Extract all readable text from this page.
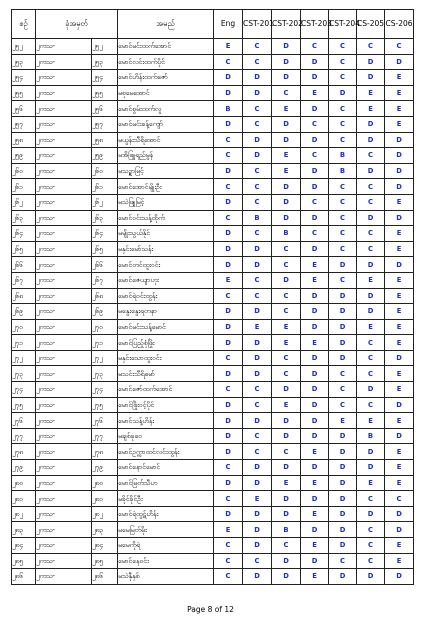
စဥ်	ခုံအမှတ်		အမည်	Eng	CST-201	CST-202	CST-203	CST-204	CS-205	CS-206
၂၅၂	၂ကသ-	၂၅၂	မောင်မင်းထက်အောင်	E	C	D	C	C	C	C
၂၅၃	၂ကသ-	၂၅၃	မောင်လင်းထက်ပိုင်	C	C	D	D	C	D	D
၂၅၄	၂ကသ-	၂၅၄	မောင်ဟိန်းထက်ဇော်	D	D	D	D	C	D	E
၂၅၅	၂ကသ-	၂၅၅	မစုမေအောင်	D	D	C	E	D	E	E
၂၅၆	၂ကသ-	၂၅၆	မောင်စွမ်းထက်လူ	B	C	E	D	C	E	E
၂၅၇	၂ကသ-	၂၅၇	မောင်မင်းခန့်ကျော်	D	C	D	C	C	D	E
၂၅၈	၂ကသ-	၂၅၈	မယွန်းသီရိအောင်	C	D	D	D	C	D	D
၂၅၉	၂ကသ-	၂၅၉	မအိဖြူရည်မွန်	C	D	E	C	B	C	D
၂၆၀	၂ကသ-	၂၆၀	မသဉ္စာမြင့်	D	C	E	D	B	D	D
၂၆၁	၂ကသ-	၂၆၁	မောင်အောင်မျိုးဦး	C	C	D	D	C	C	D
၂၆၂	၂ကသ-	၂၆၂	မသဲဖြူမြင့်	D	C	D	C	C	C	E
၂၆၃	၂ကသ-	၂၆၃	မောင်ဝင်းသန့်ထိုက်	C	B	D	D	C	D	D
၂၆၄	၂ကသ-	၂၆၄	မမျိုးသွယ်နိုင်	D	C	B	C	C	C	E
၂၆၅	၂ကသ-	၂၆၅	မနှင်းမော်သန်း	D	D	C	D	C	C	E
၂၆၆	၂ကသ-	၂၆၆	မောင်တင်ထူးဝင်း	D	D	C	E	D	D	D
၂၆၇	၂ကသ-	၂၆၇	မောင်ဇေယျာဟုး	E	C	D	E	C	E	E
၂၆၈	၂ကသ-	၂၆၈	မောင်ရဲဝင်းထွန်း	C	C	C	D	D	D	E
၂၆၉	၂ကသ-	၂၆၉	မနွေးနွေးရတနာ	D	D	C	D	D	D	E
၂၇၀	၂ကသ-	၂၇၀	မောင်မင်းသန့်မောင်	D	E	E	D	D	E	E
၂၇၁	၂ကသ-	၂၇၁	မောင်ပြည့်စုံဖြိုး	D	D	E	E	D	C	E
၂၇၂	၂ကသ-	၂၇၂	မနှင်းသောထူးဝင်း	C	D	C	D	D	C	D
၂၇၃	၂ကသ-	၂၇၃	မသင်းသီရိမော်	D	D	C	D	C	C	E
၂၇၄	၂ကသ-	၂၇၄	မောင်ဇော်ထက်အောင်	C	C	D	D	C	D	E
၂၇၅	၂ကသ-	၂၇၅	မောင်ဖြိုးဝင့်ပိုင်	D	C	E	D	C	C	D
၂၇၆	၂ကသ-	၂၇၆	မောင်သန့်ဟိန်း	D	D	D	D	E	E	E
၂၇၇	၂ကသ-	၂၇၇	မချစ်ခုဝေ	D	C	D	D	D	B	D
၂၇၈	၂ကသ-	၂၇၈	မောင်ဥက္ကာထင်လင်းထွန်း	D	C	C	E	D	D	E
၂၇၉	၂ကသ-	၂၇၉	မောင်နောင်မောင်	C	D	D	D	D	D	E
၂၈၀	၂ကသ-	၂၈၀	မောင်မြတ်သီဟ	D	D	E	E	D	E	E
၂၈၁	၂ကသ-	၂၈၁	မခိုင်ခိုင်ဦး	C	E	D	D	D	C	C
၂၈၂	၂ကသ-	၂၈၂	မောင်ရဲထွဋ်ဟိန်း	D	D	D	E	D	D	D
၂၈၃	၂ကသ-	၂၈၃	မမေမြတ်မိုး	E	D	B	D	D	C	D
၂၈၄	၂ကသ-	၂၈၄	မမေကိုရဲ	C	D	C	E	D	C	E
၂၈၅	၂ကသ-	၂၈၅	မောင်နေဝင်း	C	C	D	D	C	C	E
၂၈၆	၂ကသ-	၂၈၆	မသဲနှီနှစ်	C	D	D	E	D	D	D
Page 8 of 12
